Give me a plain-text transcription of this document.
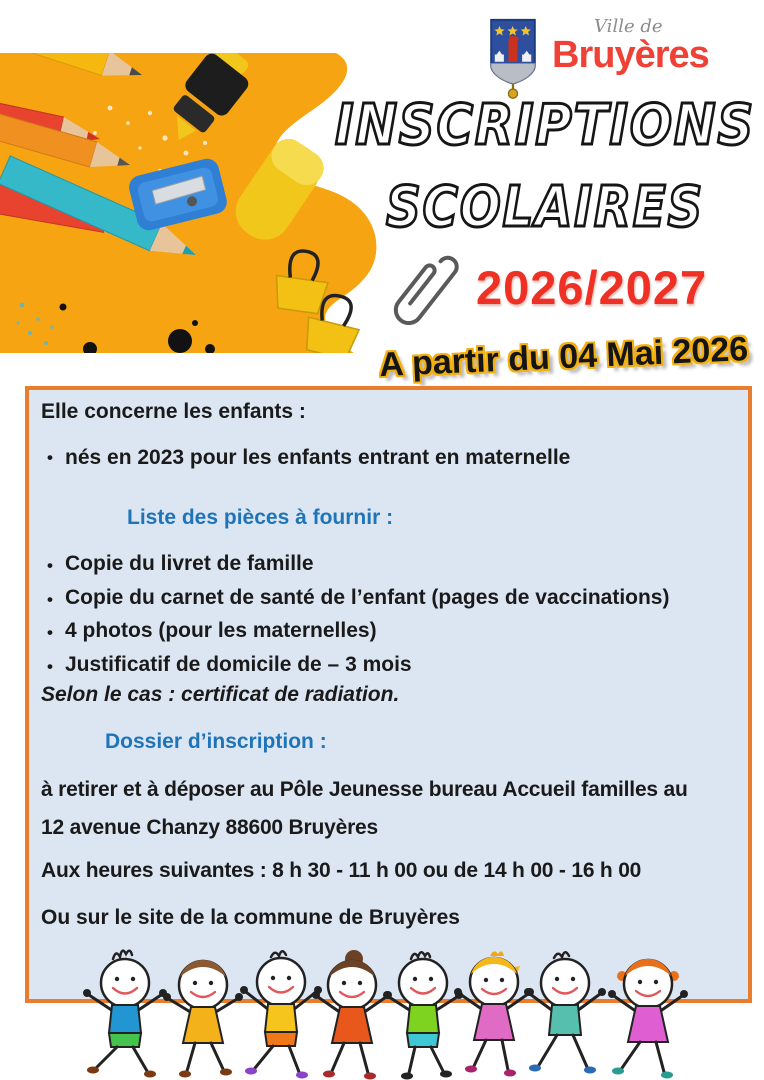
Ville de
Bruyères
INSCRIPTIONS
SCOLAIRES
2026/2027
A partir du 04 Mai 2026

Elle concerne les enfants :

• nés en 2023 pour les enfants entrant en maternelle

Liste des pièces à fournir :

• Copie du livret de famille
• Copie du carnet de santé de l’enfant (pages de vaccinations)
• 4 photos (pour les maternelles)
• Justificatif de domicile de – 3 mois

Selon le cas : certificat de radiation.

Dossier d’inscription :

à retirer et à déposer au Pôle Jeunesse bureau Accueil familles au

12 avenue Chanzy 88600 Bruyères

Aux heures suivantes : 8 h 30 - 11 h 00 ou de 14 h 00 - 16 h 00

Ou sur le site de la commune de Bruyères
